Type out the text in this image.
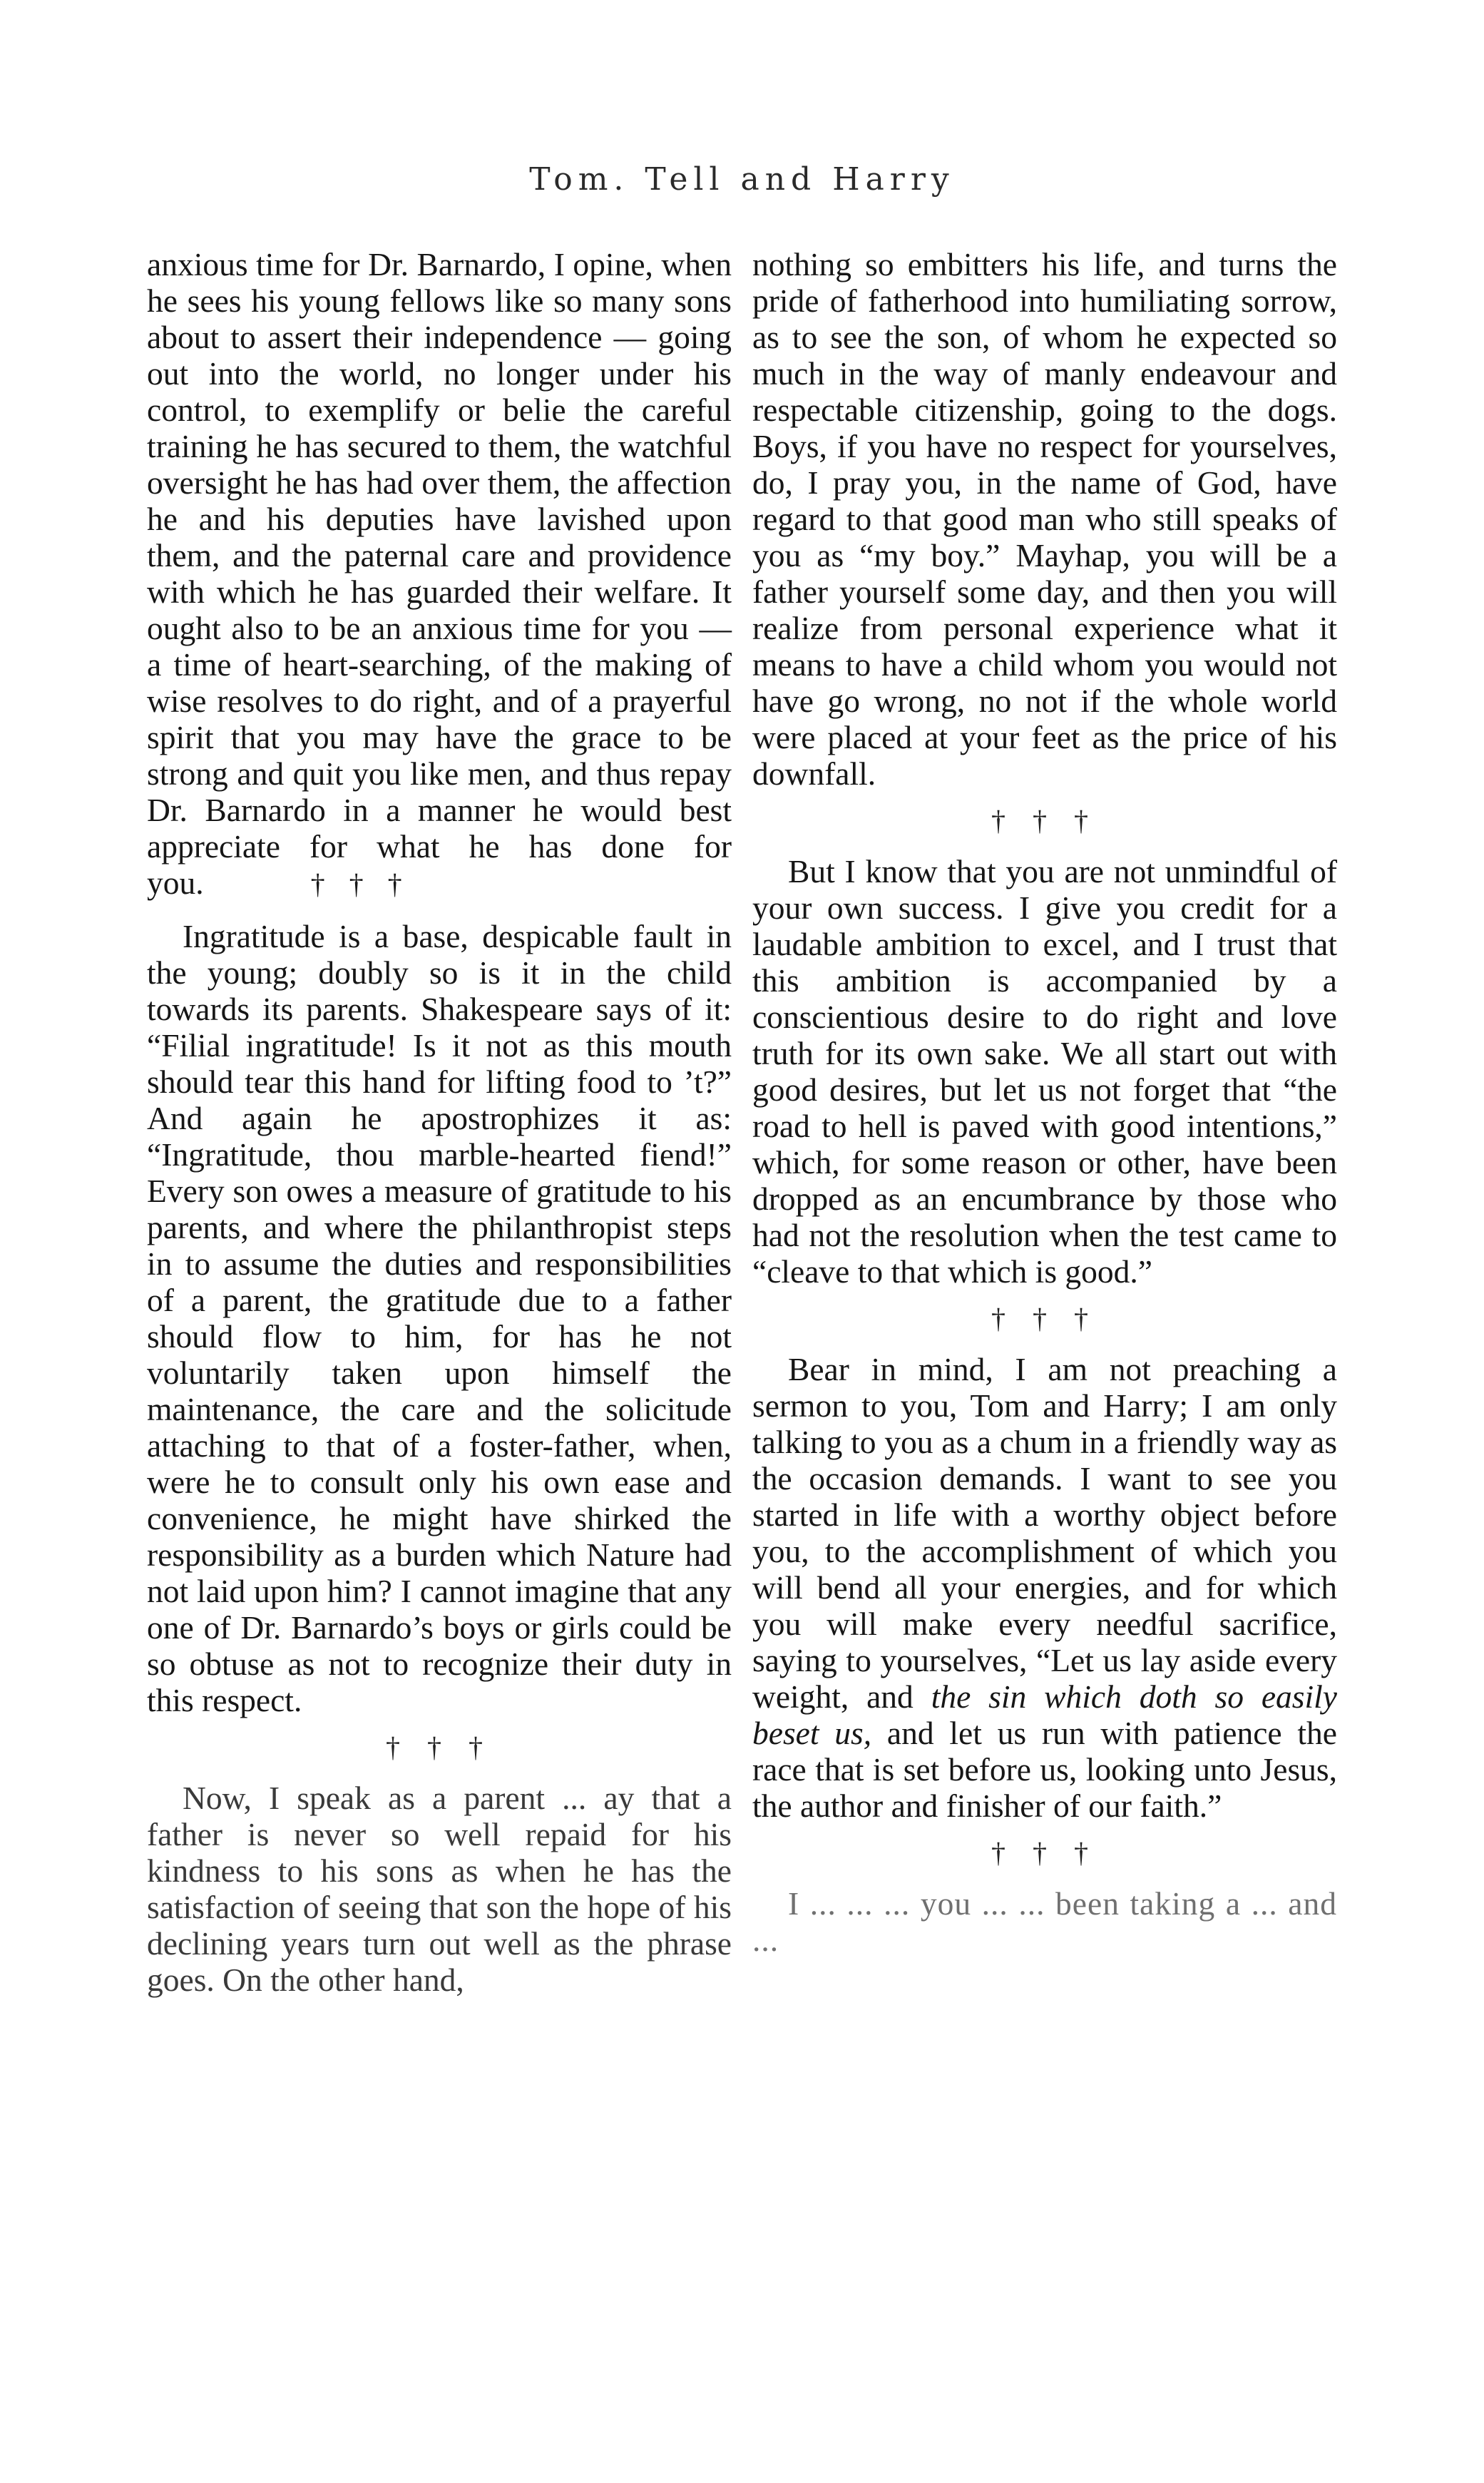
Tom. Tell and Harry

anxious time for Dr. Barnardo, I opine, when he sees his young fellows like so many sons about to assert their independence — going out into the world, no longer under his control, to exemplify or belie the careful training he has secured to them, the watchful oversight he has had over them, the affection he and his deputies have lavished upon them, and the paternal care and providence with which he has guarded their welfare. It ought also to be an anxious time for you — a time of heart-searching, of the making of wise resolves to do right, and of a prayerful spirit that you may have the grace to be strong and quit you like men, and thus repay Dr. Barnardo in a manner he would best appreciate for what he has done for you.	† † †

Ingratitude is a base, despicable fault in the young; doubly so is it in the child towards its parents. Shakespeare says of it: “Filial ingratitude! Is it not as this mouth should tear this hand for lifting food to ’t?” And again he apostrophizes it as: “Ingratitude, thou marble-hearted fiend!” Every son owes a measure of gratitude to his parents, and where the philanthropist steps in to assume the duties and responsibilities of a parent, the gratitude due to a father should flow to him, for has he not voluntarily taken upon himself the maintenance, the care and the solicitude attaching to that of a foster-father, when, were he to consult only his own ease and convenience, he might have shirked the responsibility as a burden which Nature had not laid upon him? I cannot imagine that any one of Dr. Barnardo’s boys or girls could be so obtuse as not to recognize their duty in this respect.

† † †

Now, I speak as a parent ... ay that a father is never so well repaid for his kindness to his sons as when he has the satisfaction of seeing that son the hope of his declining years turn out well as the phrase goes. On the other hand,

nothing so embitters his life, and turns the pride of fatherhood into humiliating sorrow, as to see the son, of whom he expected so much in the way of manly endeavour and respectable citizenship, going to the dogs. Boys, if you have no respect for yourselves, do, I pray you, in the name of God, have regard to that good man who still speaks of you as “my boy.” Mayhap, you will be a father yourself some day, and then you will realize from personal experience what it means to have a child whom you would not have go wrong, no not if the whole world were placed at your feet as the price of his downfall.

† † †

But I know that you are not unmindful of your own success. I give you credit for a laudable ambition to excel, and I trust that this ambition is accompanied by a conscientious desire to do right and love truth for its own sake. We all start out with good desires, but let us not forget that “the road to hell is paved with good intentions,” which, for some reason or other, have been dropped as an encumbrance by those who had not the resolution when the test came to “cleave to that which is good.”

† † †

Bear in mind, I am not preaching a sermon to you, Tom and Harry; I am only talking to you as a chum in a friendly way as the occasion demands. I want to see you started in life with a worthy object before you, to the accomplishment of which you will bend all your energies, and for which you will make every needful sacrifice, saying to yourselves, “Let us lay aside every weight, and the sin which doth so easily beset us, and let us run with patience the race that is set before us, looking unto Jesus, the author and finisher of our faith.”

† † †

I ... ... ... you ... ... been taking a ... and ...
